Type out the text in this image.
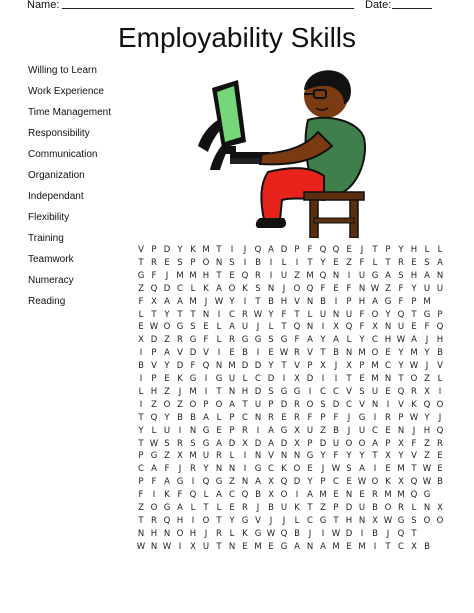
Name:	Date:
Employability Skills
Willing to Learn
Work Experience
Time Management
Responsibility
Communication
Organization
Independant
Flexibility
Training
Teamwork
Numeracy
Reading
V P D Y K M T	I	J Q A D P F Q Q E	J	T P Y H L L
T R E S P O N S	I	B	I	L	I	T Y E Z F L T R E S A
G F	J M M H T E Q R	I	U Z M Q N	I	U G A S H A N
Z Q D C L K A O K S N	J O Q F E F N W Z F Y U U
F X A A M J W Y	I	T B H V N B	I	P H A G F P M
L T Y T T N	I	C R W Y F T L U N U F O Y Q T G P
E W O G S E L A U	J	L T Q N	I	X Q F X N U E F Q
X D Z R G F L R G G S G F A Y A L Y C H W A	J	H
I	P A V D V	I	E B	I	E W R V T B N M O E Y M Y B
B V Y D F Q N M D D Y T V P X	J	X P M C Y W J	V
I	P E K G I G U L C D I	X D I	I	T E M N T O Z L
L H Z	J M I	T N H D S G G I	C C V S U E Q R X	I
I	Z O Z O P O A T U P D R O S D C V N	I	V K Q O
T Q Y B B A L P C N R E R F P F	J G I	R P W Y	J
Y L U	I	N G E P R	I	A G X U Z B	J	U C E N	J	H Q
T W S R S G A D X D A D X P D U O O A P X F Z R
P G Z X M U R L	I	N V N N G Y F Y Y T X Y V Z E
C A F	J	R Y N N	I G C K O E	J W S A	I	E M T W E
P F A G I Q G Z N A X Q D Y P C E W O K X Q W B
F	I	K F Q L A C Q B X O I	A M E N E R M M Q G
Z O G A L T L E R	J	B U K T Z P D U B O R L N X
T R Q H	I O T Y G V	J	J	L C G T H N X W G S O O
N H N O H	J	R L K G W Q B	J	I W D I	B	J Q T
W N W I	X U T N E M E G A N A M E M I	T C X B
